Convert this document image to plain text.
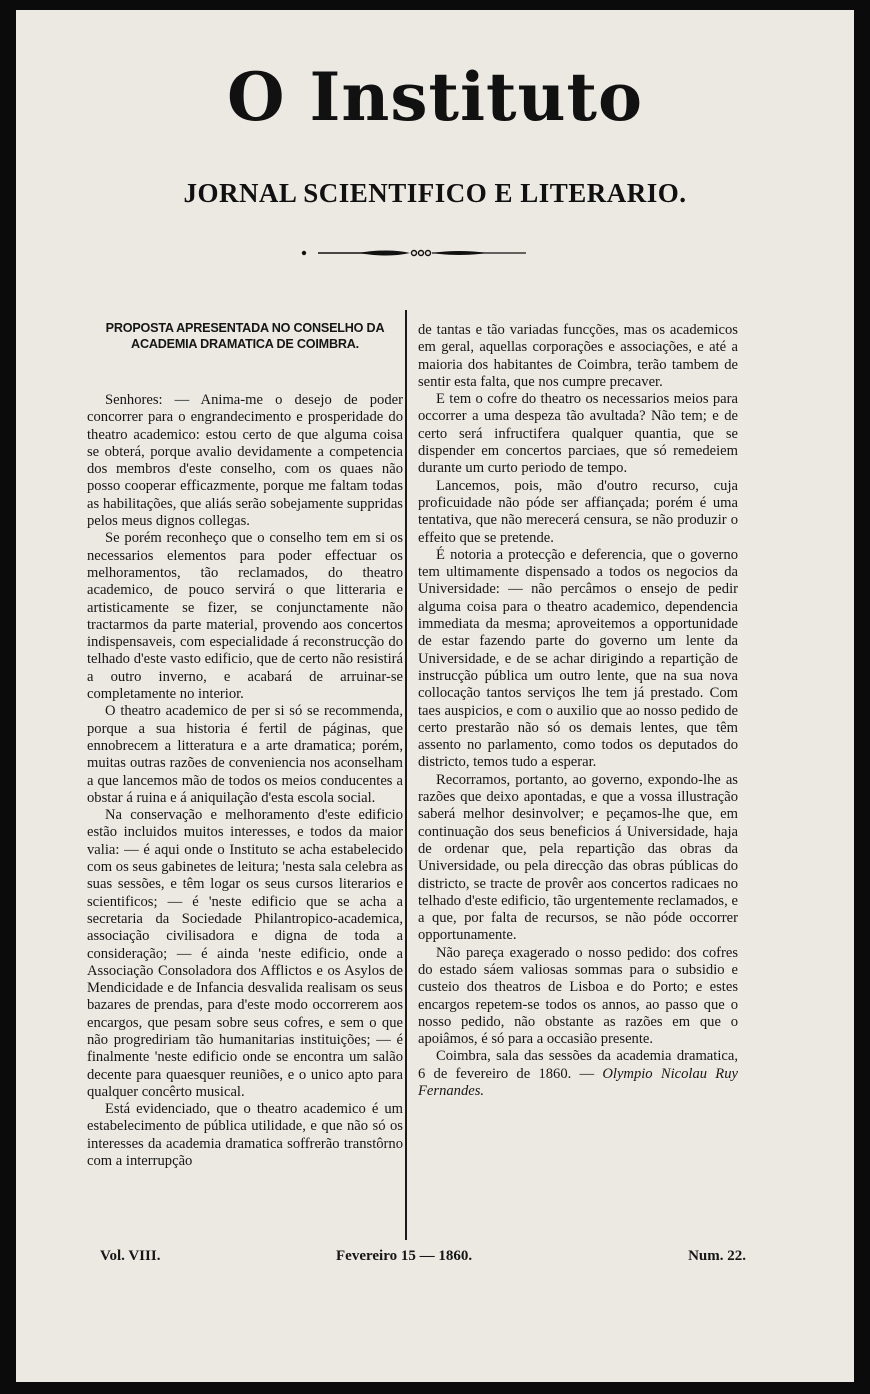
O Instituto
JORNAL SCIENTIFICO E LITERARIO.
PROPOSTA APRESENTADA NO CONSELHO DA ACADEMIA DRAMATICA DE COIMBRA.

Senhores: — Anima-me o desejo de poder concorrer para o engrandecimento e prosperidade do theatro academico: estou certo de que alguma coisa se obterá, porque avalio devidamente a competencia dos membros d'este conselho, com os quaes não posso cooperar efficazmente, porque me faltam todas as habilitações, que aliás serão sobejamente suppridas pelos meus dignos collegas.

Se porém reconheço que o conselho tem em si os necessarios elementos para poder effectuar os melhoramentos, tão reclamados, do theatro academico, de pouco servirá o que litteraria e artisticamente se fizer, se conjunctamente não tractarmos da parte material, provendo aos concertos indispensaveis, com especialidade á reconstrucção do telhado d'este vasto edificio, que de certo não resistirá a outro inverno, e acabará de arruinar-se completamente no interior.

O theatro academico de per si só se recommenda, porque a sua historia é fertil de páginas, que ennobrecem a litteratura e a arte dramatica; porém, muitas outras razões de conveniencia nos aconselham a que lancemos mão de todos os meios conducentes a obstar á ruina e á aniquilação d'esta escola social.

Na conservação e melhoramento d'este edificio estão incluidos muitos interesses, e todos da maior valia: — é aqui onde o Instituto se acha estabelecido com os seus gabinetes de leitura; 'nesta sala celebra as suas sessões, e têm logar os seus cursos literarios e scientificos; — é 'neste edificio que se acha a secretaria da Sociedade Philantropico-academica, associação civilisadora e digna de toda a consideração; — é ainda 'neste edificio, onde a Associação Consoladora dos Afflictos e os Asylos de Mendicidade e de Infancia desvalida realisam os seus bazares de prendas, para d'este modo occorrerem aos encargos, que pesam sobre seus cofres, e sem o que não progrediriam tão humanitarias instituições; — é finalmente 'neste edificio onde se encontra um salão decente para quaesquer reuniões, e o unico apto para qualquer concêrto musical.

Está evidenciado, que o theatro academico é um estabelecimento de pública utilidade, e que não só os interesses da academia dramatica soffrerão transtôrno com a interrupção

de tantas e tão variadas funcções, mas os academicos em geral, aquellas corporações e associações, e até a maioria dos habitantes de Coimbra, terão tambem de sentir esta falta, que nos cumpre precaver.

E tem o cofre do theatro os necessarios meios para occorrer a uma despeza tão avultada? Não tem; e de certo será infructifera qualquer quantia, que se dispender em concertos parciaes, que só remedeiem durante um curto periodo de tempo.

Lancemos, pois, mão d'outro recurso, cuja proficuidade não póde ser affiançada; porém é uma tentativa, que não merecerá censura, se não produzir o effeito que se pretende.

É notoria a protecção e deferencia, que o governo tem ultimamente dispensado a todos os negocios da Universidade: — não percâmos o ensejo de pedir alguma coisa para o theatro academico, dependencia immediata da mesma; aproveitemos a opportunidade de estar fazendo parte do governo um lente da Universidade, e de se achar dirigindo a repartição de instrucção pública um outro lente, que na sua nova collocação tantos serviços lhe tem já prestado. Com taes auspicios, e com o auxilio que ao nosso pedido de certo prestarão não só os demais lentes, que têm assento no parlamento, como todos os deputados do districto, temos tudo a esperar.

Recorramos, portanto, ao governo, expondo-lhe as razões que deixo apontadas, e que a vossa illustração saberá melhor desinvolver; e peçamos-lhe que, em continuação dos seus beneficios á Universidade, haja de ordenar que, pela repartição das obras da Universidade, ou pela direcção das obras públicas do districto, se tracte de provêr aos concertos radicaes no telhado d'este edificio, tão urgentemente reclamados, e a que, por falta de recursos, se não póde occorrer opportunamente.

Não pareça exagerado o nosso pedido: dos cofres do estado sáem valiosas sommas para o subsidio e custeio dos theatros de Lisboa e do Porto; e estes encargos repetem-se todos os annos, ao passo que o nosso pedido, não obstante as razões em que o apoiâmos, é só para a occasião presente.

Coimbra, sala das sessões da academia dramatica, 6 de fevereiro de 1860. — Olympio Nicolau Ruy Fernandes.

Vol. VIII.	Fevereiro 15 — 1860.	Num. 22.
